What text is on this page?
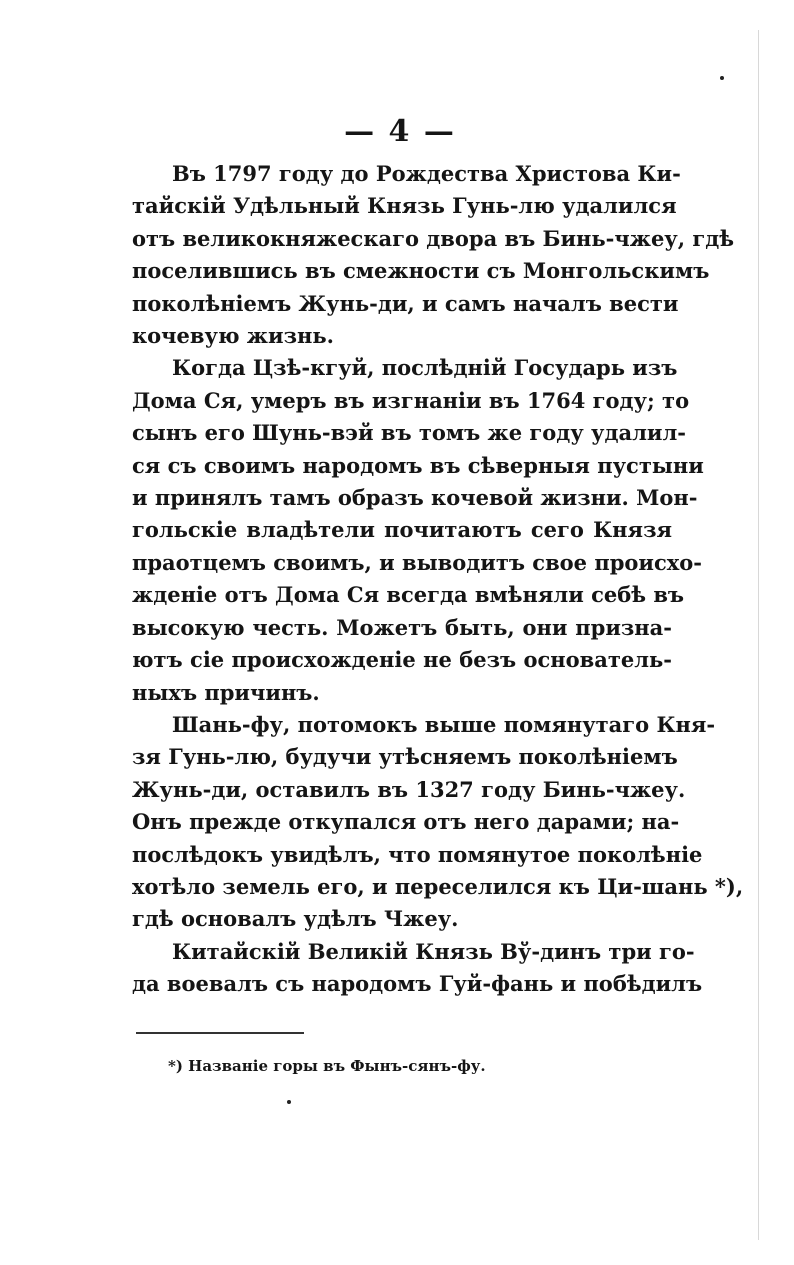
— 4 —
Въ 1797 году до Рождества Христова Ки-
тайскій Удѣльный Князь Гунь-лю удалился
отъ великокняжескаго двора въ Бинь-чжеу, гдѣ
поселившись въ смежности съ Монгольскимъ
поколѣніемъ Жунь-ди, и самъ началъ вести
кочевую жизнь.
Когда Цзѣ-кгуй, послѣдній Государь изъ
Дома Ся, умеръ въ изгнаніи въ 1764 году; то
сынъ его Шунь-вэй въ томъ же году удалил-
ся съ своимъ народомъ въ сѣверныя пустыни
и принялъ тамъ образъ кочевой жизни. Мон-
гольскіе владѣтели почитаютъ сего Князя
праотцемъ своимъ, и выводитъ свое происхо-
жденіе отъ Дома Ся всегда вмѣняли себѣ въ
высокую честь. Можетъ быть, они призна-
ютъ сіе происхожденіе не безъ основатель-
ныхъ причинъ.
Шань-фу, потомокъ выше помянутаго Кня-
зя Гунь-лю, будучи утѣсняемъ поколѣніемъ
Жунь-ди, оставилъ въ 1327 году Бинь-чжеу.
Онъ прежде откупался отъ него дарами; на-
послѣдокъ увидѣлъ, что помянутое поколѣніе
хотѣло земель его, и переселился къ Ци-шань *),
гдѣ основалъ удѣлъ Чжеу.
Китайскій Великій Князь Вў-динъ три го-
да воевалъ съ народомъ Гуй-фань и побѣдилъ
*) Названіе горы въ Фынъ-сянъ-фу.
